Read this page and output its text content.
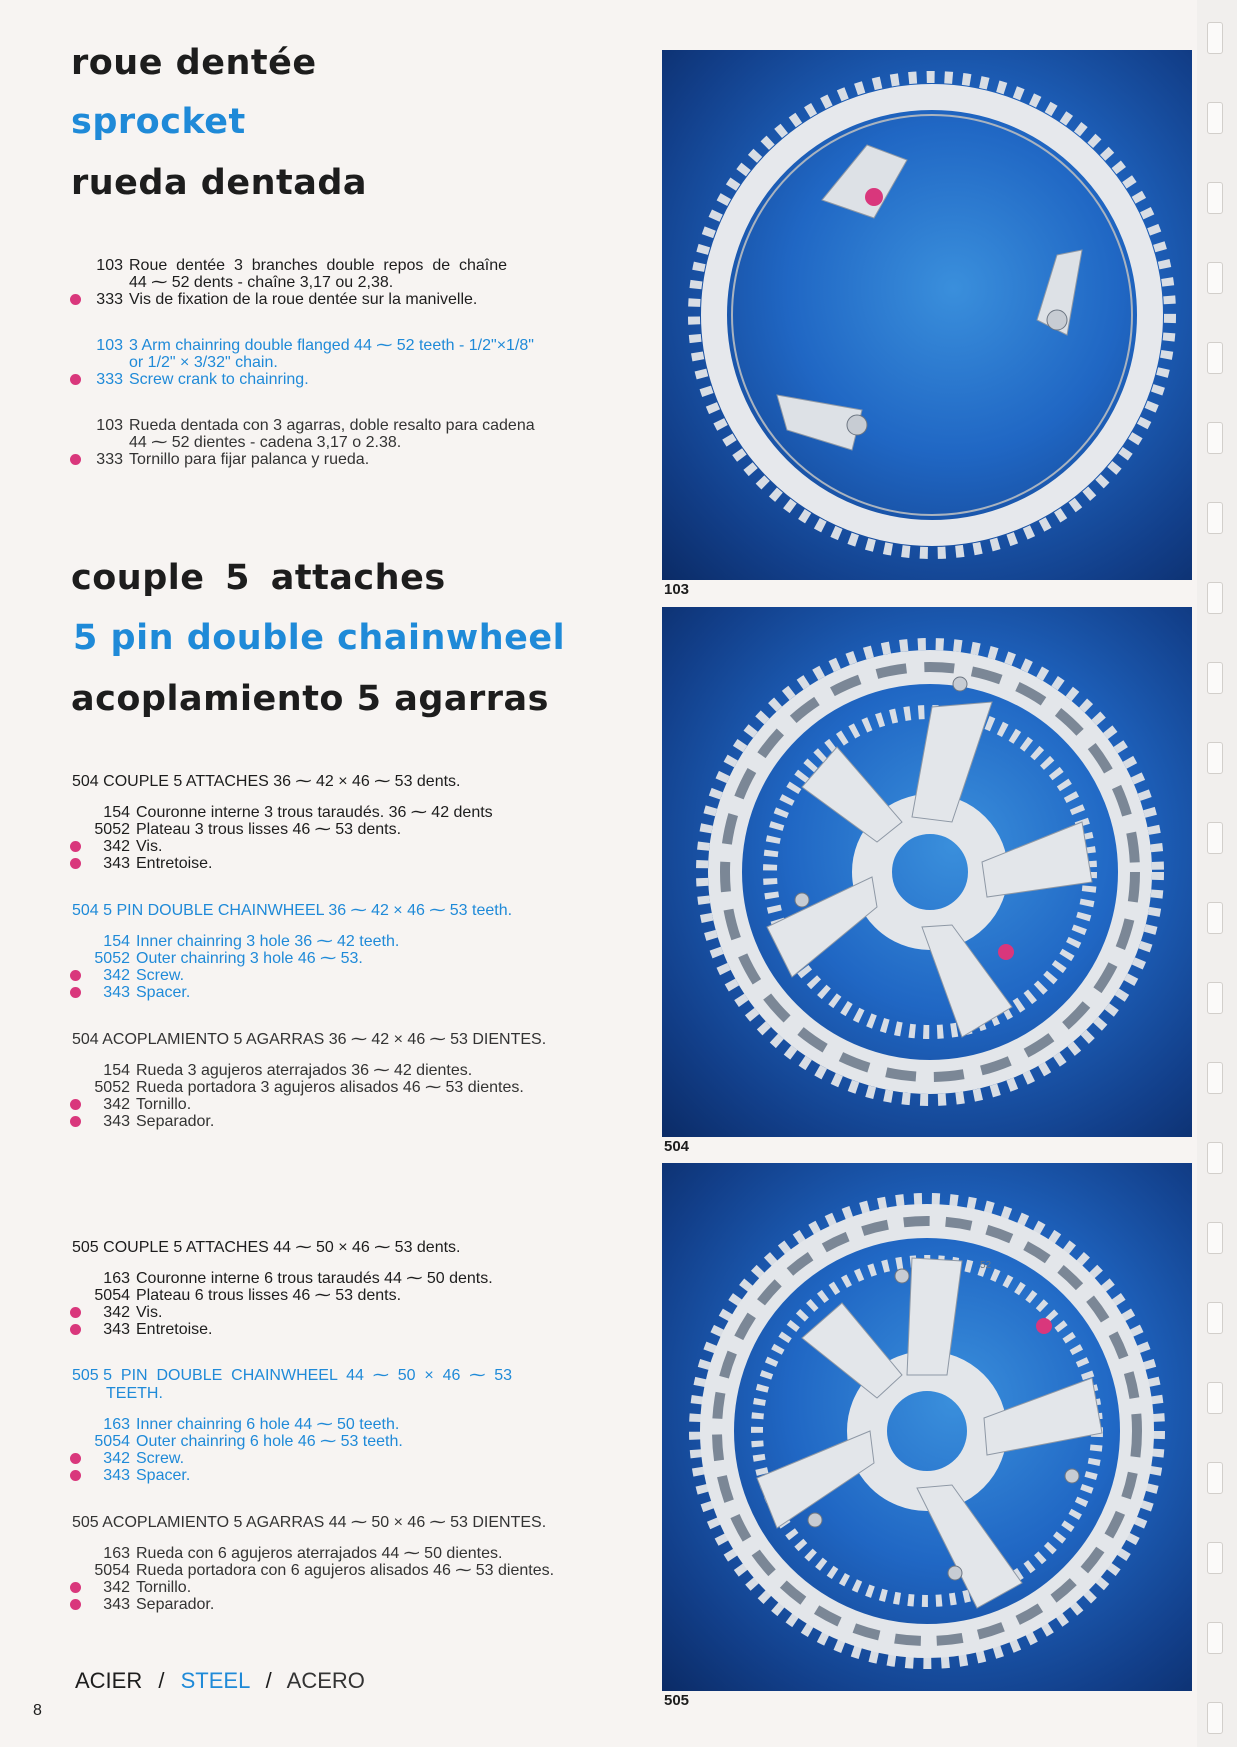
roue dentée
sprocket
rueda dentada
103 Roue  dentée  3  branches  double  repos  de  chaîne
44 ⁓ 52 dents - chaîne 3,17 ou 2,38.
333 Vis de fixation de la roue dentée sur la manivelle.
103 3 Arm chainring double flanged 44 ⁓ 52 teeth - 1/2"×1/8"
or 1/2" × 3/32" chain.
333 Screw crank to chainring.
103 Rueda dentada con 3 agarras, doble resalto para cadena
44 ⁓ 52 dientes - cadena 3,17 o 2.38.
333 Tornillo para fijar palanca y rueda.
couple 5 attaches
5 pin double chainwheel
acoplamiento 5 agarras
504 COUPLE 5 ATTACHES 36 ⁓ 42 × 46 ⁓ 53 dents.
154 Couronne interne 3 trous taraudés. 36 ⁓ 42 dents
5052 Plateau 3 trous lisses 46 ⁓ 53 dents.
342 Vis.
343 Entretoise.
504 5 PIN DOUBLE CHAINWHEEL 36 ⁓ 42 × 46 ⁓ 53 teeth.
154 Inner chainring 3 hole 36 ⁓ 42 teeth.
5052 Outer chainring 3 hole 46 ⁓ 53.
342 Screw.
343 Spacer.
504 ACOPLAMIENTO 5 AGARRAS 36 ⁓ 42 × 46 ⁓ 53 DIENTES.
154 Rueda 3 agujeros aterrajados 36 ⁓ 42 dientes.
5052 Rueda portadora 3 agujeros alisados 46 ⁓ 53 dientes.
342 Tornillo.
343 Separador.
505 COUPLE 5 ATTACHES 44 ⁓ 50 × 46 ⁓ 53 dents.
163 Couronne interne 6 trous taraudés 44 ⁓ 50 dents.
5054 Plateau 6 trous lisses 46 ⁓ 53 dents.
342 Vis.
343 Entretoise.
505 5  PIN  DOUBLE  CHAINWHEEL  44  ⁓  50  ×  46  ⁓  53
TEETH.
163 Inner chainring 6 hole 44 ⁓ 50 teeth.
5054 Outer chainring 6 hole 46 ⁓ 53 teeth.
342 Screw.
343 Spacer.
505 ACOPLAMIENTO 5 AGARRAS 44 ⁓ 50 × 46 ⁓ 53 DIENTES.
163 Rueda con 6 agujeros aterrajados 44 ⁓ 50 dientes.
5054 Rueda portadora con 6 agujeros alisados 46 ⁓ 53 dientes.
342 Tornillo.
343 Separador.
ACIER / STEEL / ACERO
8
103
504
52
505
